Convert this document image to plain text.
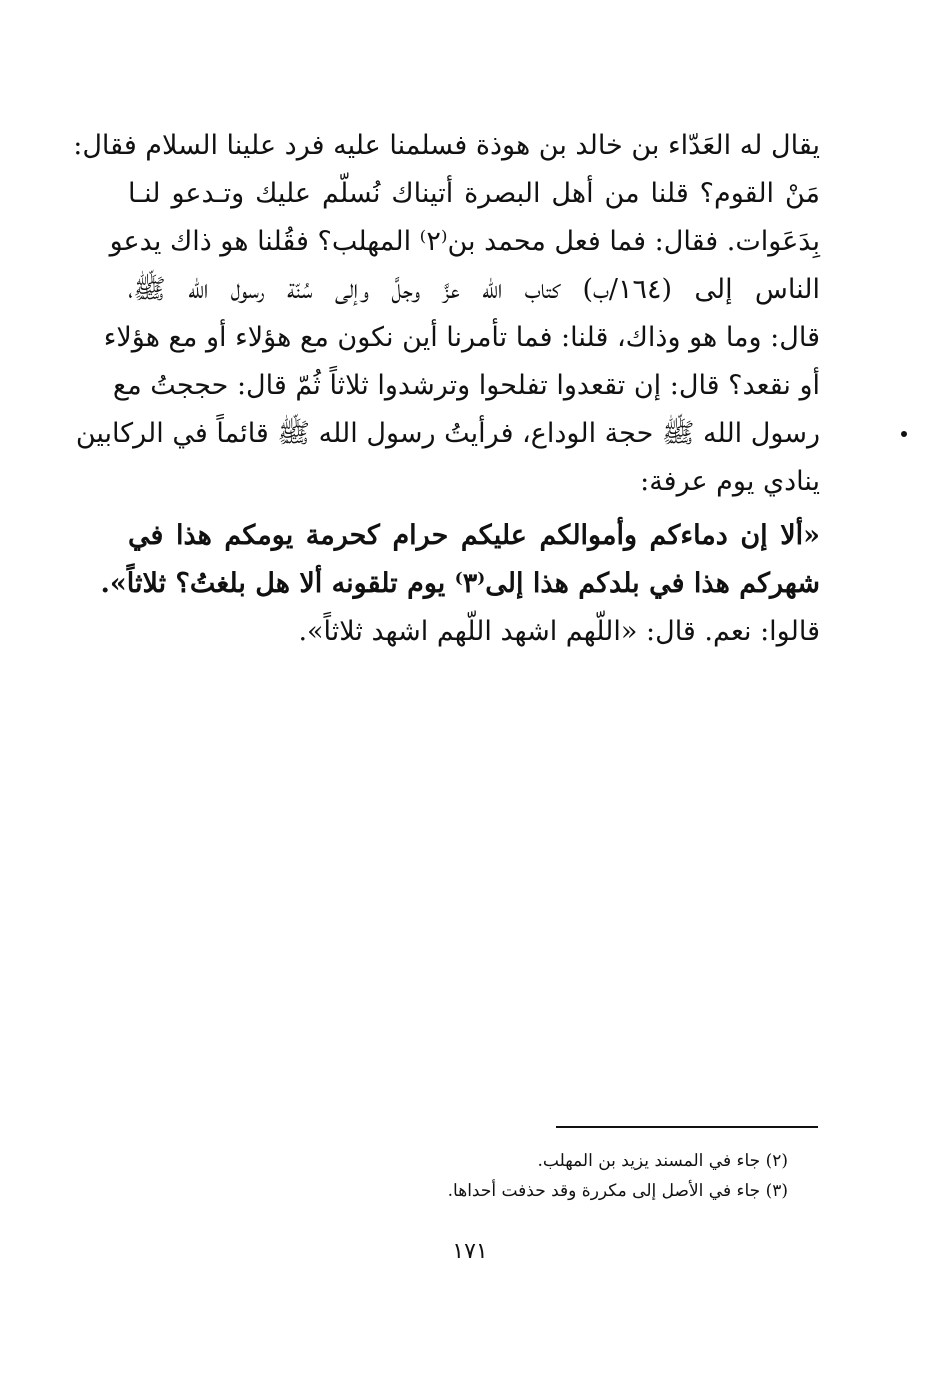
يقال له العَدّاء بن خالد بن هوذة فسلمنا عليه فرد علينا السلام فقال:
مَنْ القوم؟ قلنا من أهل البصرة أتيناك نُسلّم عليك وتـدعو لنـا
بِدَعَوات. فقال: فما فعل محمد بن⁽٢⁾ المهلب؟ فقُلنا هو ذاك يدعو
الناس إلى (١٦٤/ب) كتاب الله عزَّ وجلَّ وإلى سُنّة رسول الله ﷺ،
قال: وما هو وذاك، قلنا: فما تأمرنا أين نكون مع هؤلاء أو مع هؤلاء
أو نقعد؟ قال: إن تقعدوا تفلحوا وترشدوا ثلاثاً ثُمّ قال: حججتُ مع
رسول الله ﷺ حجة الوداع، فرأيتُ رسول الله ﷺ قائماً في الركابين
ينادي يوم عرفة:
«ألا إن دماءكم وأموالكم عليكم حرام كحرمة يومكم هذا في
شهركم هذا في بلدكم هذا إلى⁽٣⁾ يوم تلقونه ألا هل بلغتُ؟ ثلاثاً».
قالوا: نعم. قال: «اللّهم اشهد اللّهم اشهد ثلاثاً».
(٢) جاء في المسند يزيد بن المهلب.
(٣) جاء في الأصل إلى مكررة وقد حذفت أحداها.
١٧١
